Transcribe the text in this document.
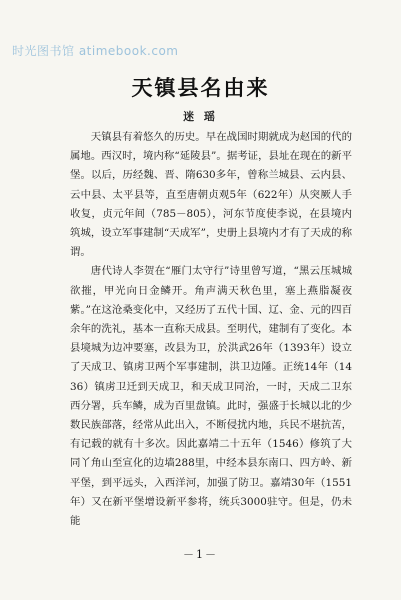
时光图书馆 atimebook.com
天镇县名由来
迷 瑶

天镇县有着悠久的历史。早在战国时期就成为赵国的代的属地。西汉时，境内称“延陵县”。据考证，县址在现在的新平堡。以后，历经魏、晋、隋630多年，曾称兰城县、云内县、云中县、太平县等，直至唐朝贞观5年（622年）从突厥人手收复，贞元年间（785－805），河东节度使李说，在县境内筑城，设立军事建制“天成军”，史册上县境内才有了天成的称谓。

唐代诗人李贺在“雁门太守行”诗里曾写道，“黑云压城城欲摧，甲光向日金鳞开。角声满天秋色里，塞上燕脂凝夜紫。”在这沧桑变化中，又经历了五代十国、辽、金、元的四百余年的洗礼，基本一直称天成县。至明代，建制有了变化。本县境城为边冲要塞，改县为卫，於洪武26年（1393年）设立了天成卫、镇虏卫两个军事建制，洪卫边陲。正统14年（1436）镇虏卫迁到天成卫，和天成卫同治，一时，天成二卫东西分署，兵车鳞，成为百里盘镇。此时，强盛于长城以北的少数民族部落，经常从此出入，不断侵扰内地，兵民不堪抗苦，有记载的就有十多次。因此嘉靖二十五年（1546）修筑了大同丫角山至宣化的边墙288里，中经本县东南口、四方岭、新平堡，到平远头，入西洋河，加强了防卫。嘉靖30年（1551年）又在新平堡增设新平参将，统兵3000驻守。但是，仍未能

－1－
